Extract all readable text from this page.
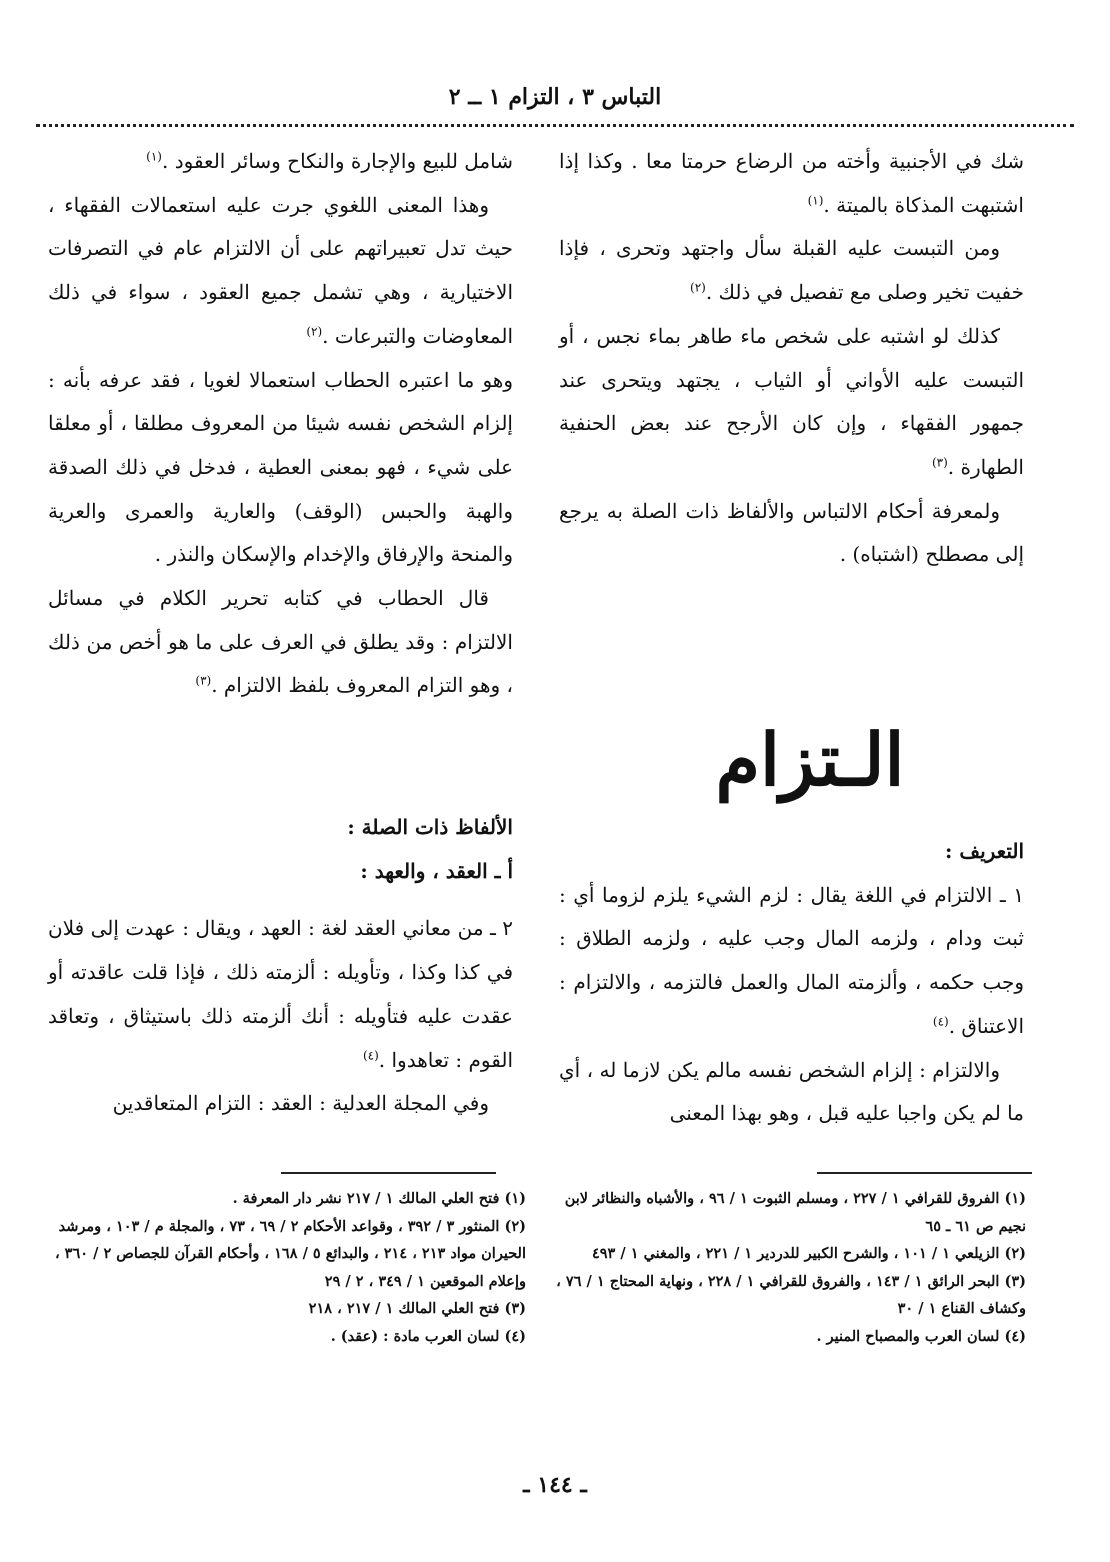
التباس ٣ ، التزام ١ ــ ٢

شك في الأجنبية وأخته من الرضاع حرمتا معا . وكذا إذا اشتبهت المذكاة بالميتة .$^{(١)}$

ومن التبست عليه القبلة سأل واجتهد وتحرى ، فإذا خفيت تخير وصلى مع تفصيل في ذلك .$^{(٢)}$

كذلك لو اشتبه على شخص ماء طاهر بماء نجس ، أو التبست عليه الأواني أو الثياب ، يجتهد ويتحرى عند جمهور الفقهاء ، وإن كان الأرجح عند بعض الحنفية الطهارة .$^{(٣)}$

ولمعرفة أحكام الالتباس والألفاظ ذات الصلة به يرجع إلى مصطلح (اشتباه) .

الـتزام

التعريف :

١ ـ الالتزام في اللغة يقال : لزم الشيء يلزم لزوما أي : ثبت ودام ، ولزمه المال وجب عليه ، ولزمه الطلاق : وجب حكمه ، وألزمته المال والعمل فالتزمه ، والالتزام : الاعتناق .$^{(٤)}$

والالتزام : إلزام الشخص نفسه مالم يكن لازما له ، أي ما لم يكن واجبا عليه قبل ، وهو بهذا المعنى

شامل للبيع والإجارة والنكاح وسائر العقود .$^{(١)}$

وهذا المعنى اللغوي جرت عليه استعمالات الفقهاء ، حيث تدل تعبيراتهم على أن الالتزام عام في التصرفات الاختيارية ، وهي تشمل جميع العقود ، سواء في ذلك المعاوضات والتبرعات .$^{(٢)}$

وهو ما اعتبره الحطاب استعمالا لغويا ، فقد عرفه بأنه : إلزام الشخص نفسه شيئا من المعروف مطلقا ، أو معلقا على شيء ، فهو بمعنى العطية ، فدخل في ذلك الصدقة والهبة والحبس (الوقف) والعارية والعمرى والعرية والمنحة والإرفاق والإخدام والإسكان والنذر .

قال الحطاب في كتابه تحرير الكلام في مسائل الالتزام : وقد يطلق في العرف على ما هو أخص من ذلك ، وهو التزام المعروف بلفظ الالتزام .$^{(٣)}$

الألفاظ ذات الصلة :

أ ـ العقد ، والعهد :

٢ ـ من معاني العقد لغة : العهد ، ويقال : عهدت إلى فلان في كذا وكذا ، وتأويله : ألزمته ذلك ، فإذا قلت عاقدته أو عقدت عليه فتأويله : أنك ألزمته ذلك باستيثاق ، وتعاقد القوم : تعاهدوا .$^{(٤)}$

وفي المجلة العدلية : العقد : التزام المتعاقدين

(١) الفروق للقرافي ١ / ٢٢٧ ، ومسلم الثبوت ١ / ٩٦ ، والأشباه والنظائر لابن نجيم ص ٦١ ـ ٦٥

(٢) الزيلعي ١ / ١٠١ ، والشرح الكبير للدردير ١ / ٢٢١ ، والمغني ١ / ٤٩٣

(٣) البحر الرائق ١ / ١٤٣ ، والفروق للقرافي ١ / ٢٢٨ ، ونهاية المحتاج ١ / ٧٦ ، وكشاف القناع ١ / ٣٠

(٤) لسان العرب والمصباح المنير .

(١) فتح العلي المالك ١ / ٢١٧ نشر دار المعرفة .

(٢) المنثور ٣ / ٣٩٢ ، وقواعد الأحكام ٢ / ٦٩ ، ٧٣ ، والمجلة م / ١٠٣ ، ومرشد الحيران مواد ٢١٣ ، ٢١٤ ، والبدائع ٥ / ١٦٨ ، وأحكام القرآن للجصاص ٢ / ٣٦٠ ، وإعلام الموقعين ١ / ٣٤٩ ، ٢ / ٢٩

(٣) فتح العلي المالك ١ / ٢١٧ ، ٢١٨

(٤) لسان العرب مادة : (عقد) .

ـ ١٤٤ ـ
